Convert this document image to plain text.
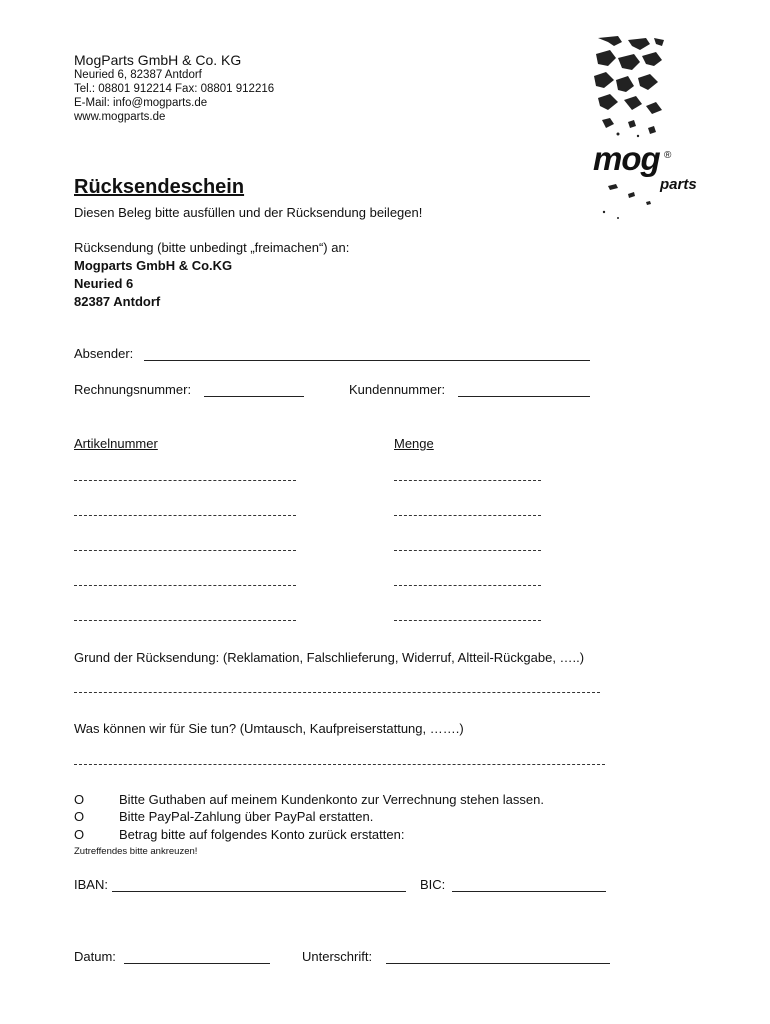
MogParts GmbH & Co. KG
Neuried 6, 82387 Antdorf
Tel.: 08801 912214 Fax: 08801 912216
E-Mail: info@mogparts.de
www.mogparts.de
mog ®
parts
Rücksendeschein
Diesen Beleg bitte ausfüllen und der Rücksendung beilegen!
Rücksendung (bitte unbedingt „freimachen“) an:
Mogparts GmbH & Co.KG
Neuried 6
82387 Antdorf
Absender:
Rechnungsnummer:	Kundennummer:
Artikelnummer	Menge
Grund der Rücksendung: (Reklamation, Falschlieferung, Widerruf, Altteil-Rückgabe, …..)
Was können wir für Sie tun? (Umtausch, Kaufpreiserstattung, …….)
O	Bitte Guthaben auf meinem Kundenkonto zur Verrechnung stehen lassen.
O	Bitte PayPal-Zahlung über PayPal erstatten.
O	Betrag bitte auf folgendes Konto zurück erstatten:
Zutreffendes bitte ankreuzen!
IBAN:	BIC:
Datum:	Unterschrift:
